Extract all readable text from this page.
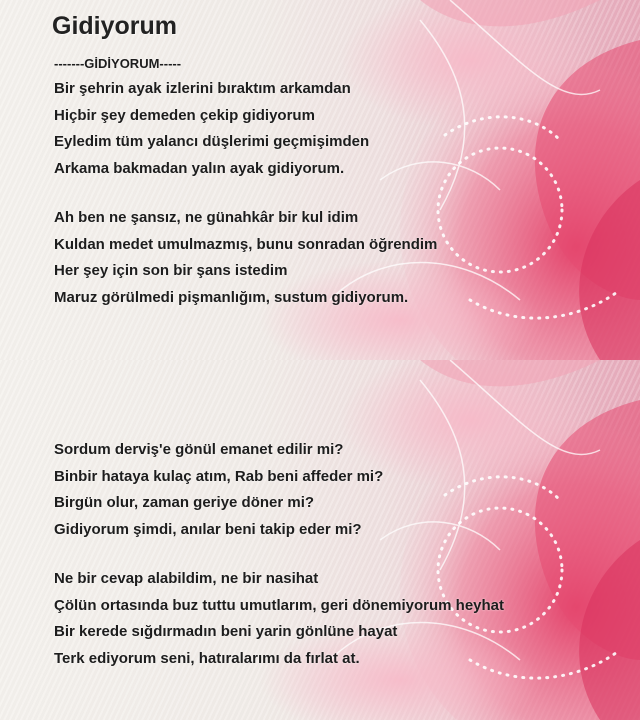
Gidiyorum
-------GİDİYORUM-----
Bir şehrin ayak izlerini bıraktım arkamdan
Hiçbir şey demeden çekip gidiyorum
Eyledim tüm yalancı düşlerimi geçmişimden
Arkama bakmadan yalın ayak gidiyorum.
Ah ben ne şansız, ne günahkâr bir kul idim
Kuldan medet umulmazmış, bunu sonradan öğrendim
Her şey için son bir şans istedim
Maruz görülmedi pişmanlığım, sustum gidiyorum.
Sordum derviş'e gönül emanet edilir mi?
Binbir hataya kulaç atım, Rab beni affeder mi?
Birgün olur, zaman geriye döner mi?
Gidiyorum şimdi, anılar beni takip eder mi?
Ne bir cevap alabildim, ne bir nasihat
Çölün ortasında buz tuttu umutlarım, geri dönemiyorum heyhat
Bir kerede sığdırmadın beni yarin gönlüne hayat
Terk ediyorum seni, hatıralarımı da fırlat at.
